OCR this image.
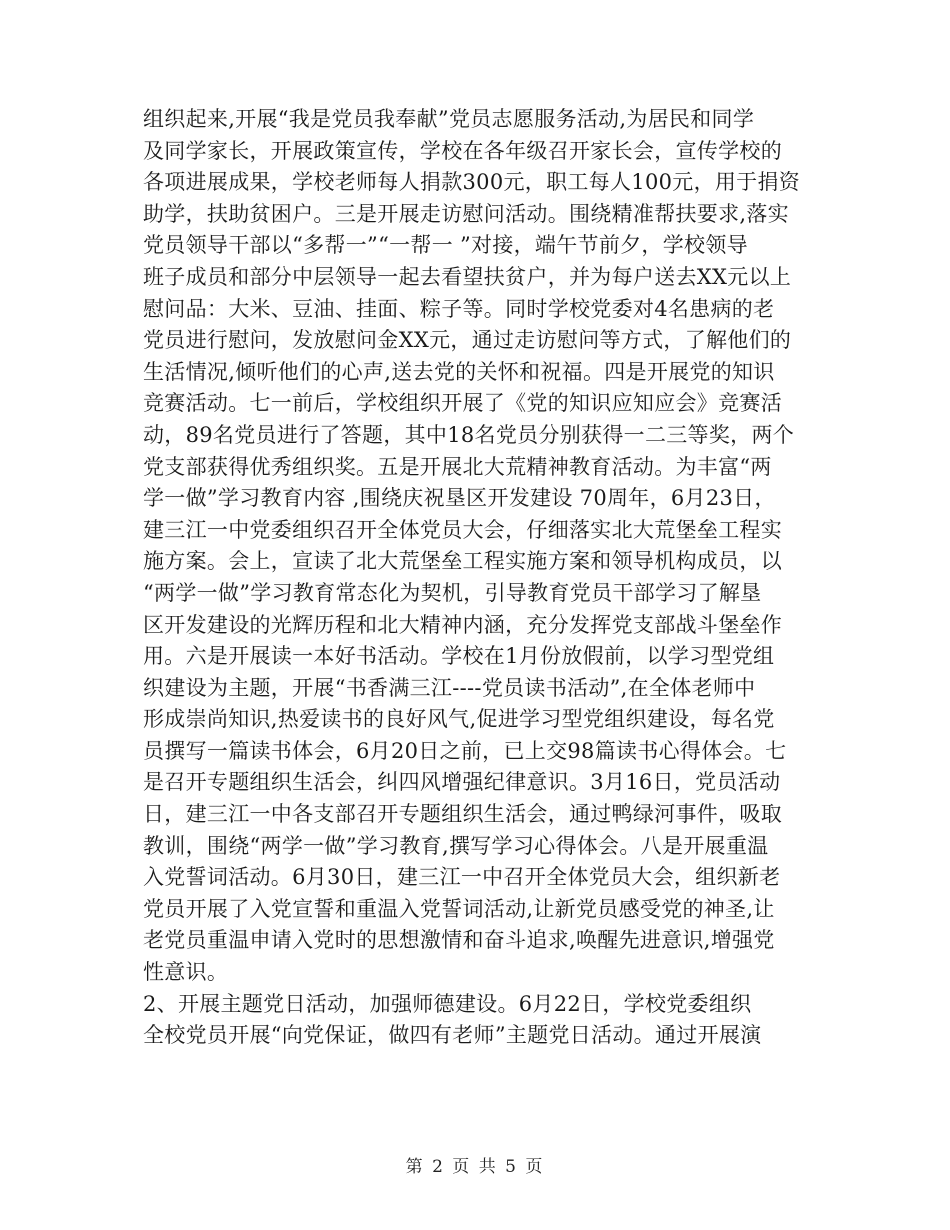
组织起来,开展“我是党员我奉献”党员志愿服务活动,为居民和同学
及同学家长，开展政策宣传，学校在各年级召开家长会，宣传学校的
各项进展成果，学校老师每人捐款300元，职工每人100元，用于捐资
助学，扶助贫困户。三是开展走访慰问活动。围绕精准帮扶要求,落实
党员领导干部以“多帮一”“一帮一 ”对接，端午节前夕，学校领导
班子成员和部分中层领导一起去看望扶贫户，并为每户送去XX元以上
慰问品：大米、豆油、挂面、粽子等。同时学校党委对4名患病的老
党员进行慰问，发放慰问金XX元，通过走访慰问等方式，了解他们的
生活情况,倾听他们的心声,送去党的关怀和祝福。四是开展党的知识
竞赛活动。七一前后，学校组织开展了《党的知识应知应会》竞赛活
动，89名党员进行了答题，其中18名党员分别获得一二三等奖，两个
党支部获得优秀组织奖。五是开展北大荒精神教育活动。为丰富“两
学一做”学习教育内容 ,围绕庆祝垦区开发建设 70周年，6月23日，
建三江一中党委组织召开全体党员大会，仔细落实北大荒堡垒工程实
施方案。会上，宣读了北大荒堡垒工程实施方案和领导机构成员，以
“两学一做”学习教育常态化为契机，引导教育党员干部学习了解垦
区开发建设的光辉历程和北大精神内涵，充分发挥党支部战斗堡垒作
用。六是开展读一本好书活动。学校在1月份放假前，以学习型党组
织建设为主题，开展“书香满三江----党员读书活动”,在全体老师中
形成崇尚知识,热爱读书的良好风气,促进学习型党组织建设，每名党
员撰写一篇读书体会，6月20日之前，已上交98篇读书心得体会。七
是召开专题组织生活会，纠四风增强纪律意识。3月16日，党员活动
日，建三江一中各支部召开专题组织生活会，通过鸭绿河事件，吸取
教训，围绕“两学一做”学习教育,撰写学习心得体会。八是开展重温
入党誓词活动。6月30日，建三江一中召开全体党员大会，组织新老
党员开展了入党宣誓和重温入党誓词活动,让新党员感受党的神圣,让
老党员重温申请入党时的思想激情和奋斗追求,唤醒先进意识,增强党
性意识。

2、开展主题党日活动，加强师德建设。6月22日，学校党委组织
全校党员开展“向党保证，做四有老师”主题党日活动。通过开展演

第 2 页 共 5 页
